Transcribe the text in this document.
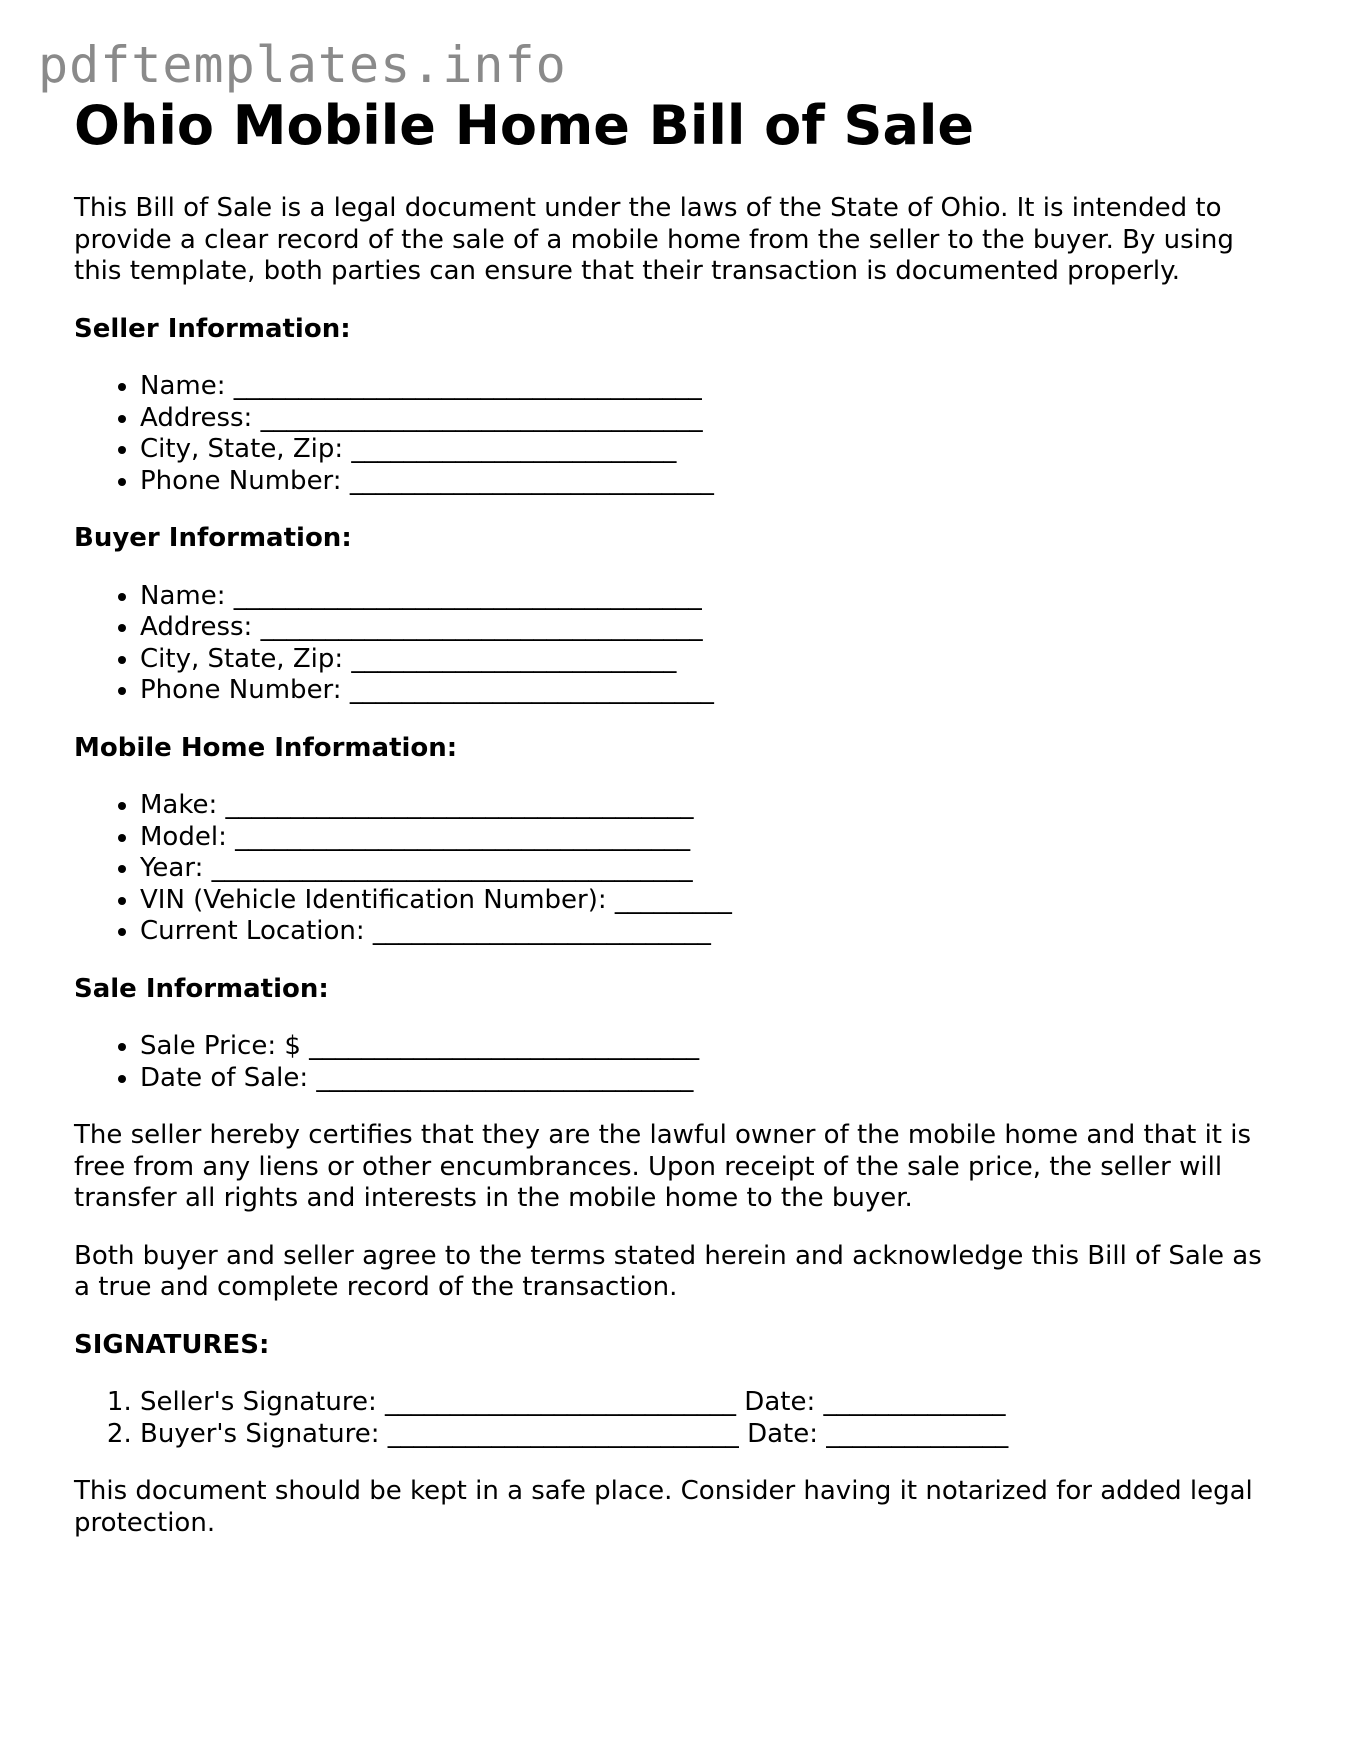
pdftemplates.info
Ohio Mobile Home Bill of Sale

This Bill of Sale is a legal document under the laws of the State of Ohio. It is intended to provide a clear record of the sale of a mobile home from the seller to the buyer. By using this template, both parties can ensure that their transaction is documented properly.

Seller Information:
• Name: ____________________________________
• Address: __________________________________
• City, State, Zip: _________________________
• Phone Number: ____________________________
Buyer Information:
• Name: ____________________________________
• Address: __________________________________
• City, State, Zip: _________________________
• Phone Number: ____________________________
Mobile Home Information:
• Make: ____________________________________
• Model: ___________________________________
• Year: _____________________________________
• VIN (Vehicle Identification Number): _________
• Current Location: __________________________
Sale Information:
• Sale Price: $ ______________________________
• Date of Sale: _____________________________

The seller hereby certifies that they are the lawful owner of the mobile home and that it is free from any liens or other encumbrances. Upon receipt of the sale price, the seller will transfer all rights and interests in the mobile home to the buyer.

Both buyer and seller agree to the terms stated herein and acknowledge this Bill of Sale as a true and complete record of the transaction.

SIGNATURES:
1. Seller's Signature: ___________________________ Date: ______________
2. Buyer's Signature: ___________________________ Date: ______________

This document should be kept in a safe place. Consider having it notarized for added legal protection.
